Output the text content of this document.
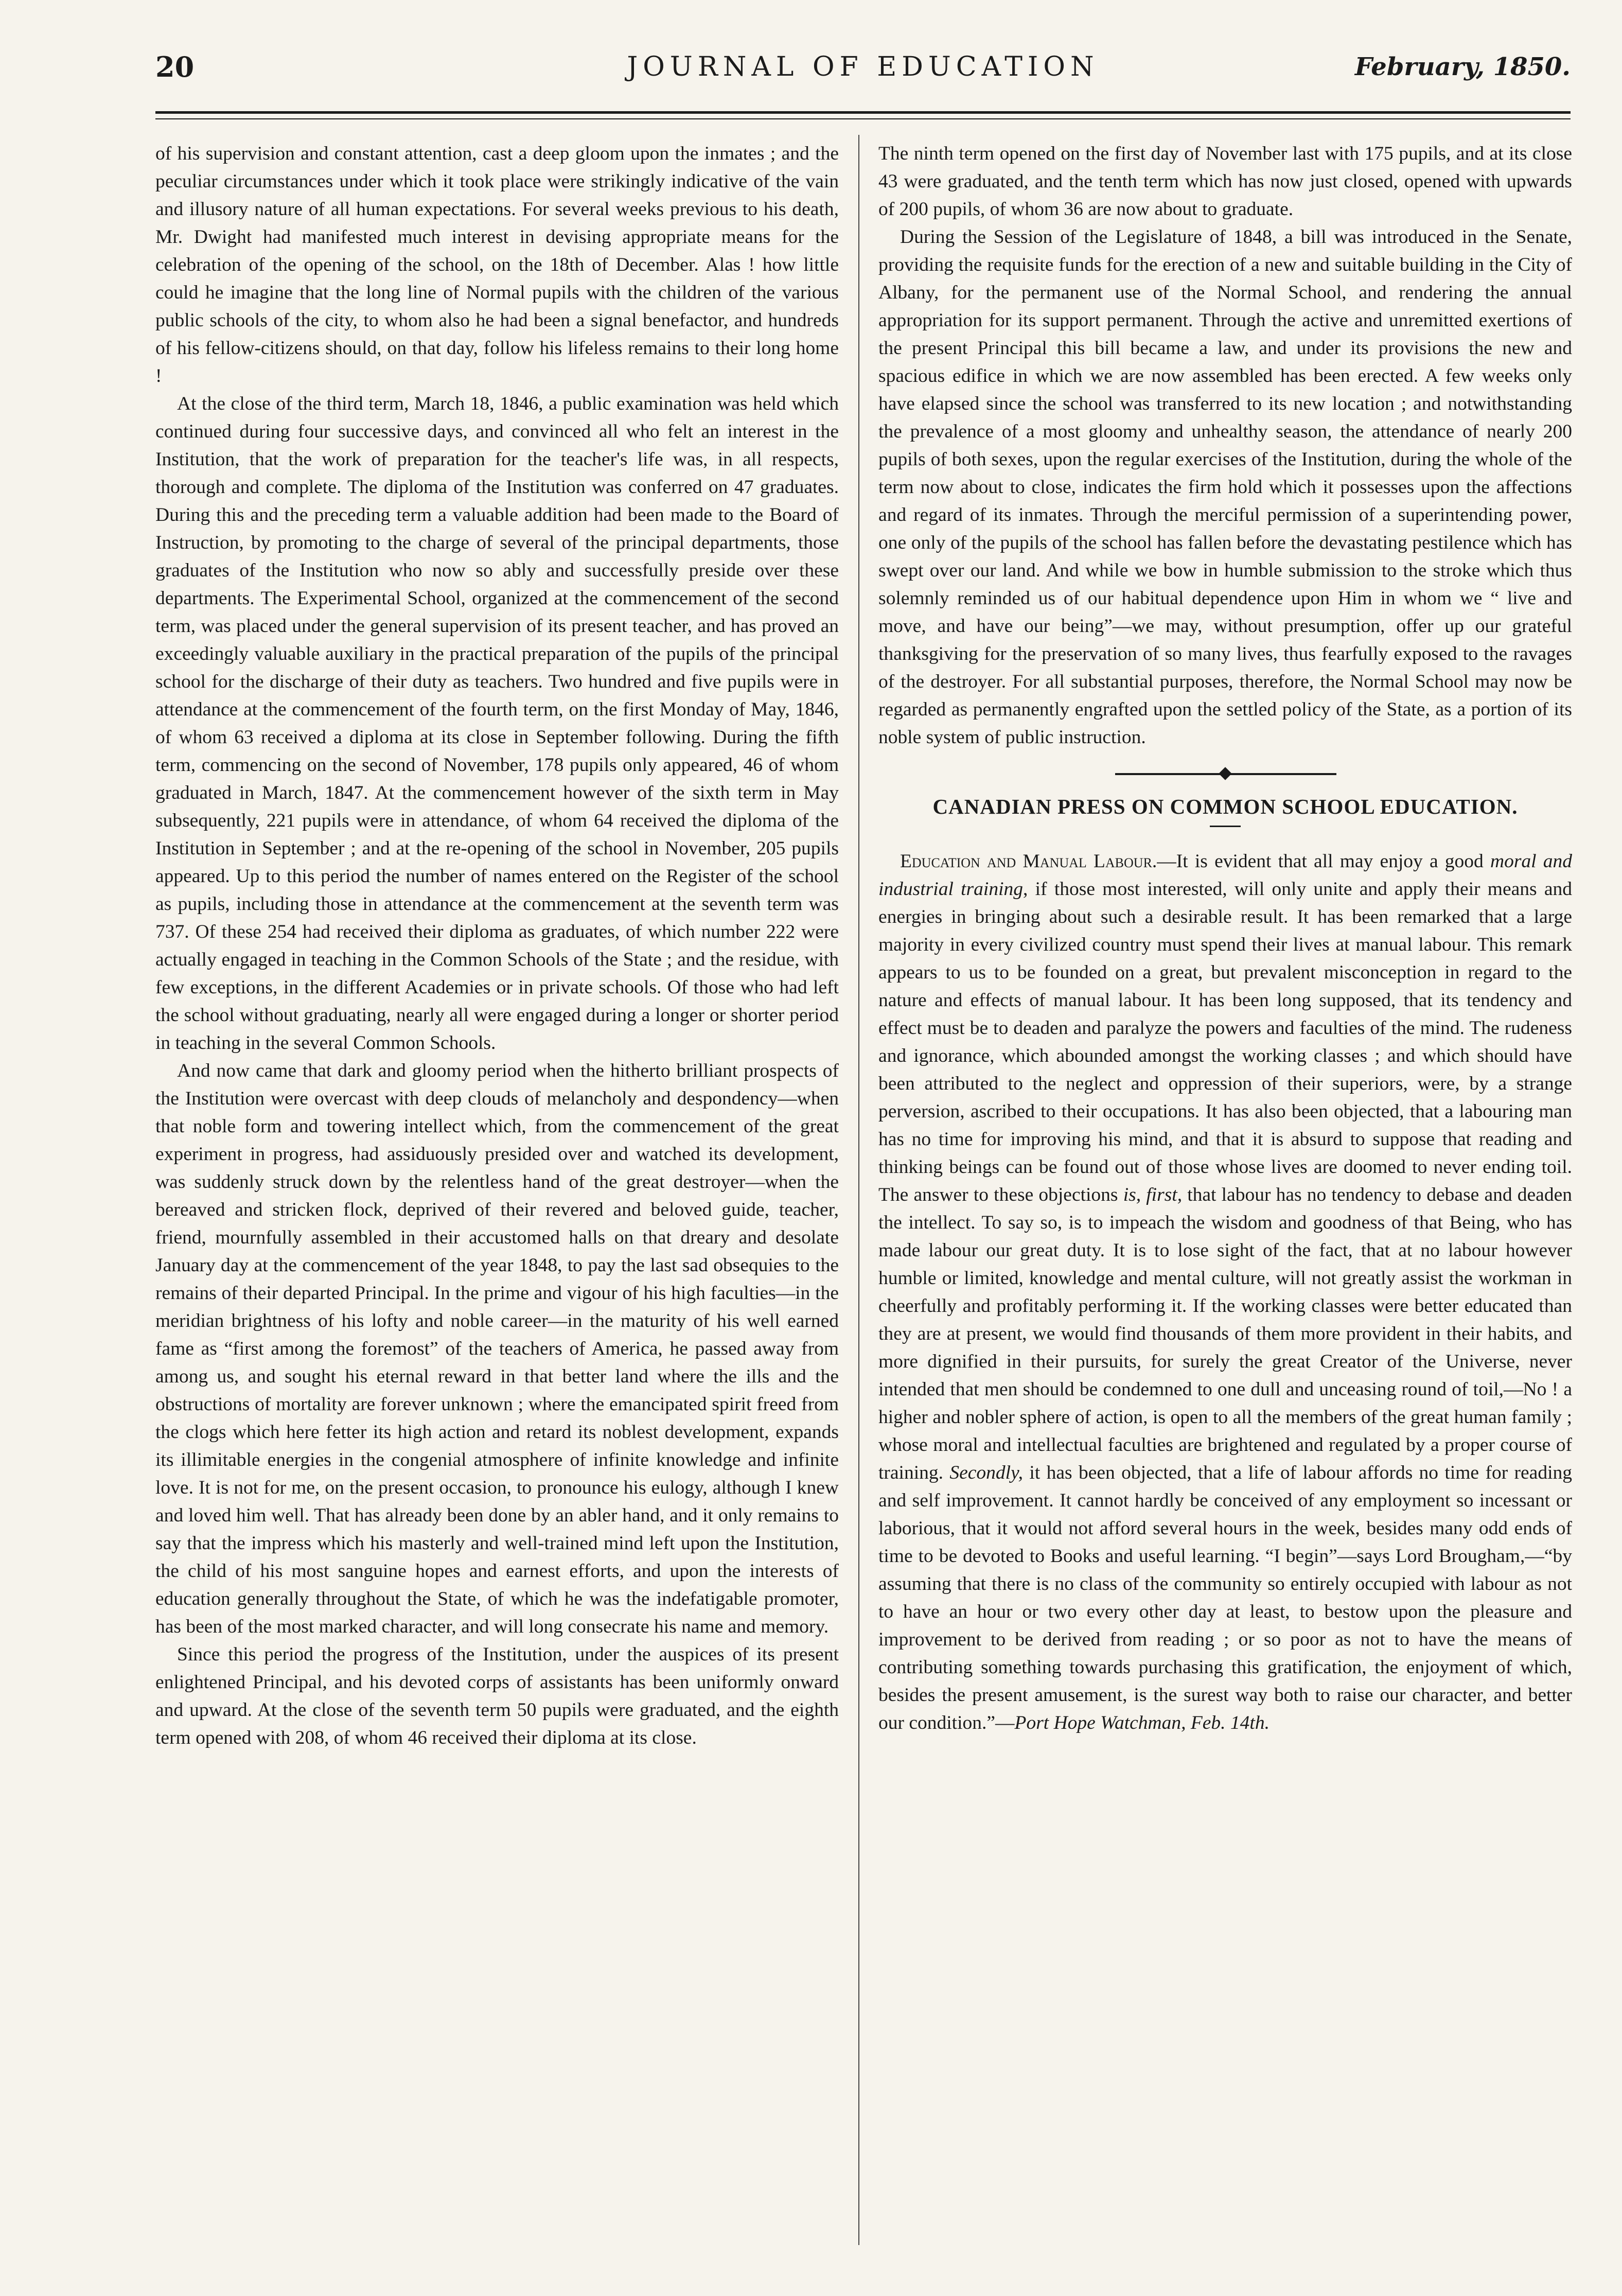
20	JOURNAL OF EDUCATION	February, 1850.

of his supervision and constant attention, cast a deep gloom upon the inmates ; and the peculiar circumstances under which it took place were strikingly indicative of the vain and illusory nature of all human expectations. For several weeks previous to his death, Mr. Dwight had manifested much interest in devising appropriate means for the celebration of the opening of the school, on the 18th of December. Alas ! how little could he imagine that the long line of Normal pupils with the children of the various public schools of the city, to whom also he had been a signal benefactor, and hundreds of his fellow-citizens should, on that day, follow his lifeless remains to their long home !

At the close of the third term, March 18, 1846, a public examination was held which continued during four successive days, and convinced all who felt an interest in the Institution, that the work of preparation for the teacher's life was, in all respects, thorough and complete. The diploma of the Institution was conferred on 47 graduates. During this and the preceding term a valuable addition had been made to the Board of Instruction, by promoting to the charge of several of the principal departments, those graduates of the Institution who now so ably and successfully preside over these departments. The Experimental School, organized at the commencement of the second term, was placed under the general supervision of its present teacher, and has proved an exceedingly valuable auxiliary in the practical preparation of the pupils of the principal school for the discharge of their duty as teachers. Two hundred and five pupils were in attendance at the commencement of the fourth term, on the first Monday of May, 1846, of whom 63 received a diploma at its close in September following. During the fifth term, commencing on the second of November, 178 pupils only appeared, 46 of whom graduated in March, 1847. At the commencement however of the sixth term in May subsequently, 221 pupils were in attendance, of whom 64 received the diploma of the Institution in September ; and at the re-opening of the school in November, 205 pupils appeared. Up to this period the number of names entered on the Register of the school as pupils, including those in attendance at the commencement at the seventh term was 737. Of these 254 had received their diploma as graduates, of which number 222 were actually engaged in teaching in the Common Schools of the State ; and the residue, with few exceptions, in the different Academies or in private schools. Of those who had left the school without graduating, nearly all were engaged during a longer or shorter period in teaching in the several Common Schools.

And now came that dark and gloomy period when the hitherto brilliant prospects of the Institution were overcast with deep clouds of melancholy and despondency—when that noble form and towering intellect which, from the commencement of the great experiment in progress, had assiduously presided over and watched its development, was suddenly struck down by the relentless hand of the great destroyer—when the bereaved and stricken flock, deprived of their revered and beloved guide, teacher, friend, mournfully assembled in their accustomed halls on that dreary and desolate January day at the commencement of the year 1848, to pay the last sad obsequies to the remains of their departed Principal. In the prime and vigour of his high faculties—in the meridian brightness of his lofty and noble career—in the maturity of his well earned fame as “first among the foremost” of the teachers of America, he passed away from among us, and sought his eternal reward in that better land where the ills and the obstructions of mortality are forever unknown ; where the emancipated spirit freed from the clogs which here fetter its high action and retard its noblest development, expands its illimitable energies in the congenial atmosphere of infinite knowledge and infinite love. It is not for me, on the present occasion, to pronounce his eulogy, although I knew and loved him well. That has already been done by an abler hand, and it only remains to say that the impress which his masterly and well-trained mind left upon the Institution, the child of his most sanguine hopes and earnest efforts, and upon the interests of education generally throughout the State, of which he was the indefatigable promoter, has been of the most marked character, and will long consecrate his name and memory.

Since this period the progress of the Institution, under the auspices of its present enlightened Principal, and his devoted corps of assistants has been uniformly onward and upward. At the close of the seventh term 50 pupils were graduated, and the eighth term opened with 208, of whom 46 received their diploma at its close.

The ninth term opened on the first day of November last with 175 pupils, and at its close 43 were graduated, and the tenth term which has now just closed, opened with upwards of 200 pupils, of whom 36 are now about to graduate.

During the Session of the Legislature of 1848, a bill was introduced in the Senate, providing the requisite funds for the erection of a new and suitable building in the City of Albany, for the permanent use of the Normal School, and rendering the annual appropriation for its support permanent. Through the active and unremitted exertions of the present Principal this bill became a law, and under its provisions the new and spacious edifice in which we are now assembled has been erected. A few weeks only have elapsed since the school was transferred to its new location ; and notwithstanding the prevalence of a most gloomy and unhealthy season, the attendance of nearly 200 pupils of both sexes, upon the regular exercises of the Institution, during the whole of the term now about to close, indicates the firm hold which it possesses upon the affections and regard of its inmates. Through the merciful permission of a superintending power, one only of the pupils of the school has fallen before the devastating pestilence which has swept over our land. And while we bow in humble submission to the stroke which thus solemnly reminded us of our habitual dependence upon Him in whom we “ live and move, and have our being”—we may, without presumption, offer up our grateful thanksgiving for the preservation of so many lives, thus fearfully exposed to the ravages of the destroyer. For all substantial purposes, therefore, the Normal School may now be regarded as permanently engrafted upon the settled policy of the State, as a portion of its noble system of public instruction.

CANADIAN PRESS ON COMMON SCHOOL EDUCATION.

Education and Manual Labour.—It is evident that all may enjoy a good moral and industrial training, if those most interested, will only unite and apply their means and energies in bringing about such a desirable result. It has been remarked that a large majority in every civilized country must spend their lives at manual labour. This remark appears to us to be founded on a great, but prevalent misconception in regard to the nature and effects of manual labour. It has been long supposed, that its tendency and effect must be to deaden and paralyze the powers and faculties of the mind. The rudeness and ignorance, which abounded amongst the working classes ; and which should have been attributed to the neglect and oppression of their superiors, were, by a strange perversion, ascribed to their occupations. It has also been objected, that a labouring man has no time for improving his mind, and that it is absurd to suppose that reading and thinking beings can be found out of those whose lives are doomed to never ending toil. The answer to these objections is, first, that labour has no tendency to debase and deaden the intellect. To say so, is to impeach the wisdom and goodness of that Being, who has made labour our great duty. It is to lose sight of the fact, that at no labour however humble or limited, knowledge and mental culture, will not greatly assist the workman in cheerfully and profitably performing it. If the working classes were better educated than they are at present, we would find thousands of them more provident in their habits, and more dignified in their pursuits, for surely the great Creator of the Universe, never intended that men should be condemned to one dull and unceasing round of toil,—No ! a higher and nobler sphere of action, is open to all the members of the great human family ; whose moral and intellectual faculties are brightened and regulated by a proper course of training. Secondly, it has been objected, that a life of labour affords no time for reading and self improvement. It cannot hardly be conceived of any employment so incessant or laborious, that it would not afford several hours in the week, besides many odd ends of time to be devoted to Books and useful learning. “I begin”—says Lord Brougham,—“by assuming that there is no class of the community so entirely occupied with labour as not to have an hour or two every other day at least, to bestow upon the pleasure and improvement to be derived from reading ; or so poor as not to have the means of contributing something towards purchasing this gratification, the enjoyment of which, besides the present amusement, is the surest way both to raise our character, and better our condition.”—Port Hope Watchman, Feb. 14th.
